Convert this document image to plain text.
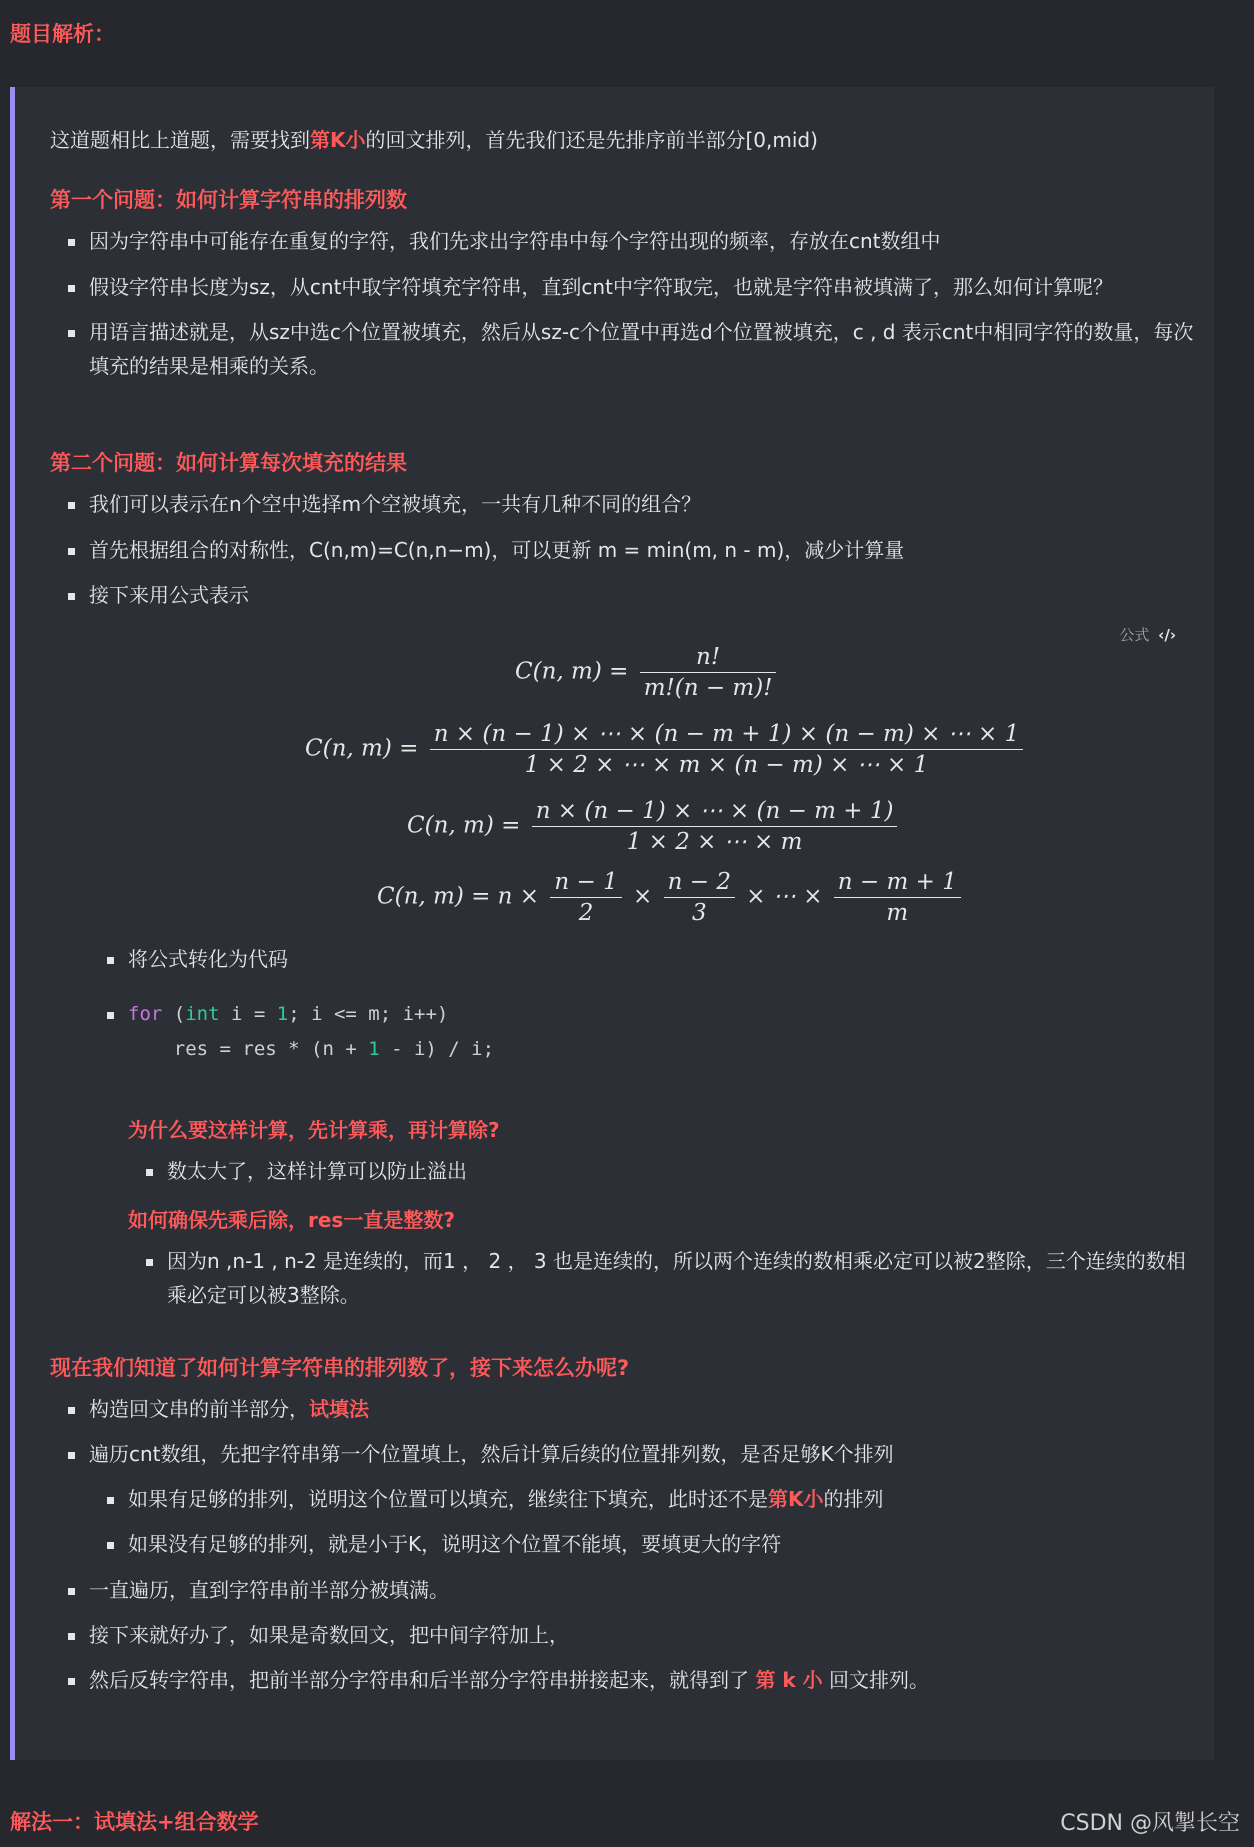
题目解析：
这道题相比上道题，需要找到第K小的回文排列，首先我们还是先排序前半部分[0,mid)
第一个问题：如何计算字符串的排列数
因为字符串中可能存在重复的字符，我们先求出字符串中每个字符出现的频率，存放在cnt数组中
假设字符串长度为sz，从cnt中取字符填充字符串，直到cnt中字符取完，也就是字符串被填满了，那么如何计算呢？
用语言描述就是，从sz中选c个位置被填充，然后从sz-c个位置中再选d个位置被填充，c , d 表示cnt中相同字符的数量，每次填充的结果是相乘的关系。
第二个问题：如何计算每次填充的结果
我们可以表示在n个空中选择m个空被填充，一共有几种不同的组合？
首先根据组合的对称性，C(n,m)=C(n,n−m)，可以更新 m = min(m, n - m)，减少计算量
接下来用公式表示
公式 ‹/›
C(n, $m) = \frac{n!}{m!(n - m)!}$
C(n, $m) = \frac{n \times (n - 1) \times \cdots \times (n - m + 1) \times (n - m) \times \cdots \times 1}{1 \times 2 \times \cdots \times m \times (n - m) \times \cdots \times 1}$
C(n, $m) = \frac{n \times (n - 1) \times \cdots \times (n - m + 1)}{1 \times 2 \times \cdots \times m}$
C(n, $m) = n \times \frac{n - 1}{2} \times \frac{n - 2}{3}$ × ⋯ × $\frac{n - m + 1}{m}$
将公式转化为代码
for (int i = 1; i <= m; i++)
res = res * (n + 1 - i) / i;
为什么要这样计算，先计算乘，再计算除?
数太大了，这样计算可以防止溢出
如何确保先乘后除，res一直是整数?
因为n ,n-1 , n-2 是连续的，而1 ， 2 ， 3 也是连续的，所以两个连续的数相乘必定可以被2整除，三个连续的数相乘必定可以被3整除。
现在我们知道了如何计算字符串的排列数了，接下来怎么办呢?
构造回文串的前半部分，试填法
遍历cnt数组，先把字符串第一个位置填上，然后计算后续的位置排列数，是否足够K个排列
如果有足够的排列，说明这个位置可以填充，继续往下填充，此时还不是第K小的排列
如果没有足够的排列，就是小于K，说明这个位置不能填，要填更大的字符
一直遍历，直到字符串前半部分被填满。
接下来就好办了，如果是奇数回文，把中间字符加上，
然后反转字符串，把前半部分字符串和后半部分字符串拼接起来，就得到了 第 k 小 回文排列。
解法一：试填法+组合数学	CSDN @风掣长空
